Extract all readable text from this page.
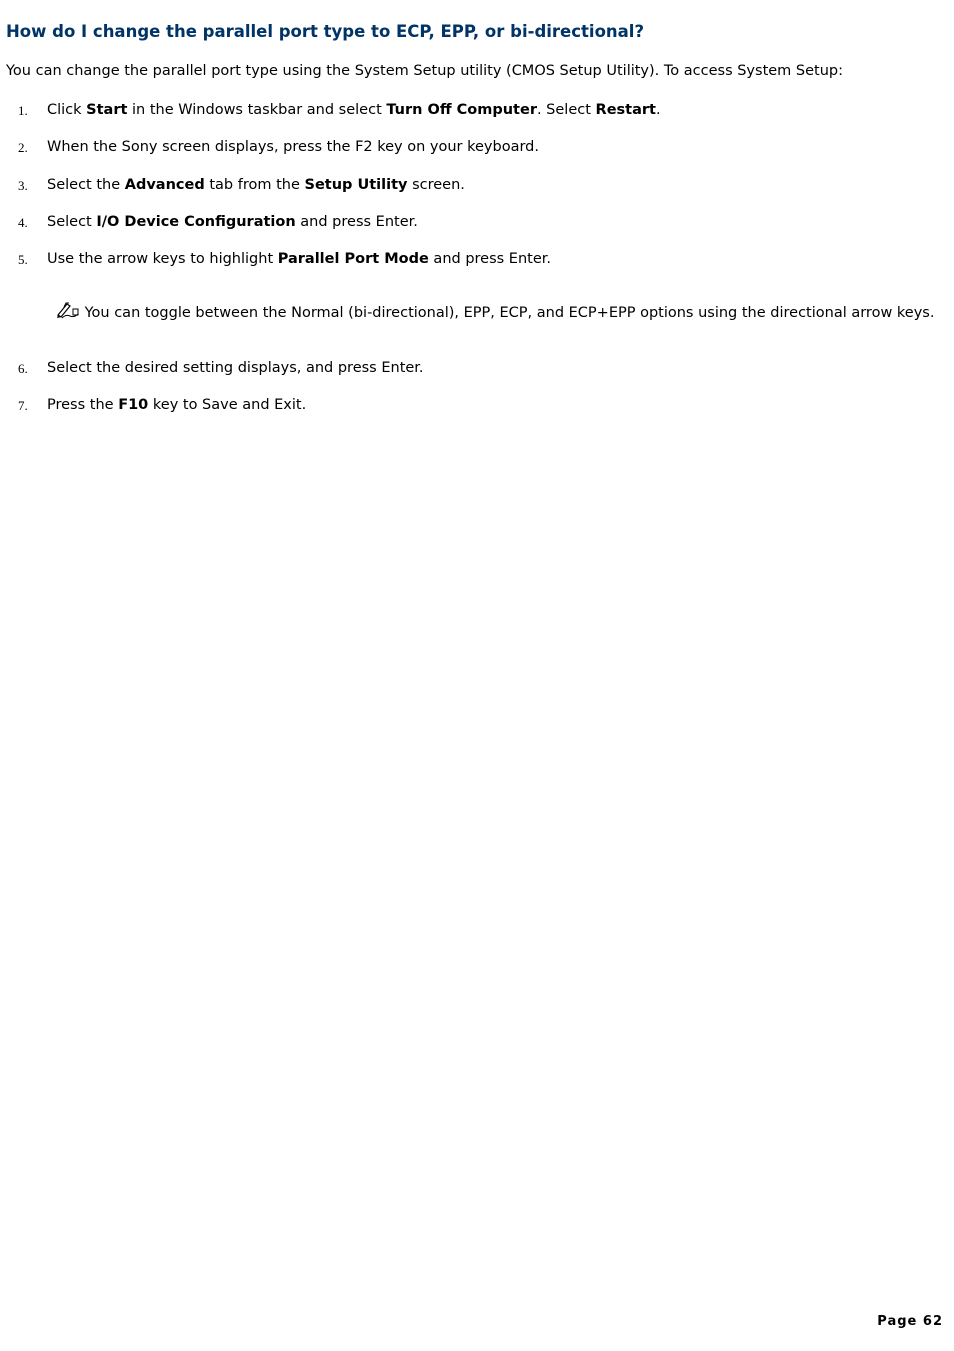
How do I change the parallel port type to ECP, EPP, or bi-directional?

You can change the parallel port type using the System Setup utility (CMOS Setup Utility). To access System Setup:

1. Click Start in the Windows taskbar and select Turn Off Computer. Select Restart.
2. When the Sony screen displays, press the F2 key on your keyboard.
3. Select the Advanced tab from the Setup Utility screen.
4. Select I/O Device Configuration and press Enter.
5. Use the arrow keys to highlight Parallel Port Mode and press Enter.
You can toggle between the Normal (bi-directional), EPP, ECP, and ECP+EPP options using the directional arrow keys.
6. Select the desired setting displays, and press Enter.
7. Press the F10 key to Save and Exit.
Page 62
